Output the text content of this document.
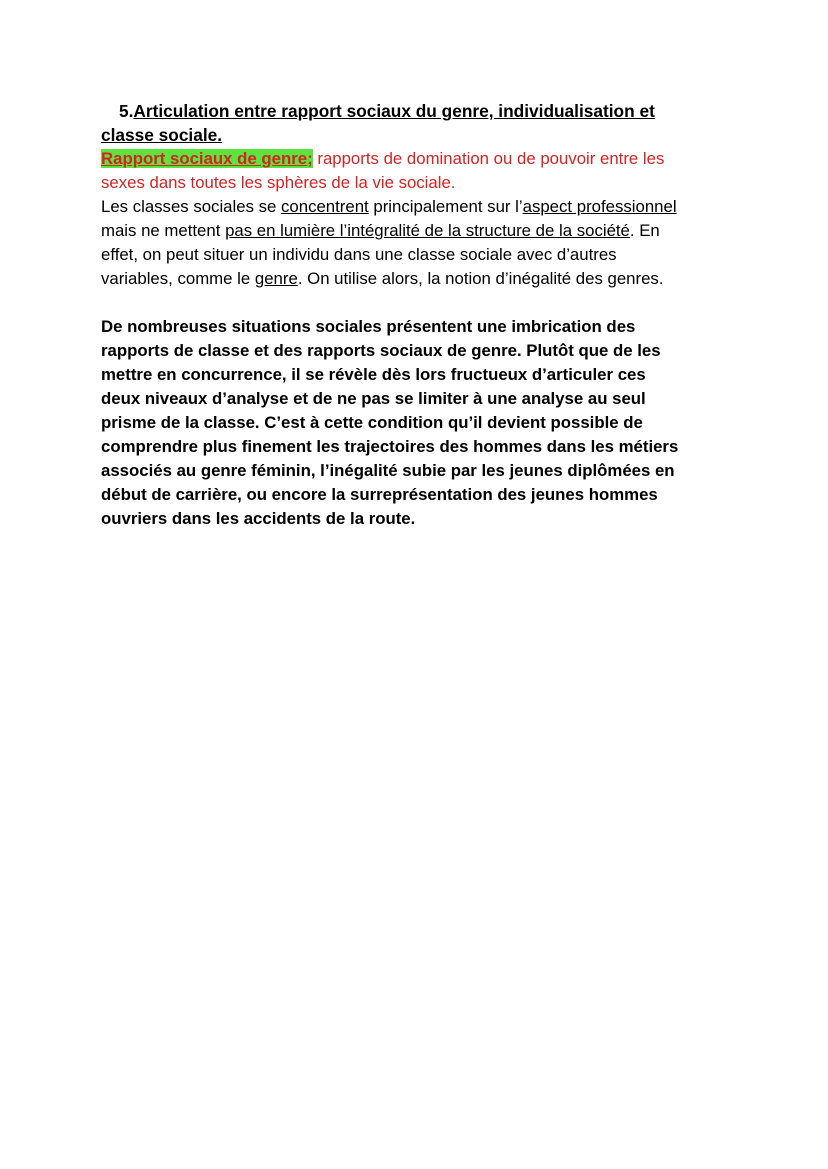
5.Articulation entre rapport sociaux du genre, individualisation et
classe sociale.
Rapport sociaux de genre; rapports de domination ou de pouvoir entre les
sexes dans toutes les sphères de la vie sociale.
Les classes sociales se concentrent principalement sur l’aspect professionnel
mais ne mettent pas en lumière l’intégralité de la structure de la société. En
effet, on peut situer un individu dans une classe sociale avec d’autres
variables, comme le genre. On utilise alors, la notion d’inégalité des genres.
De nombreuses situations sociales présentent une imbrication des
rapports de classe et des rapports sociaux de genre. Plutôt que de les
mettre en concurrence, il se révèle dès lors fructueux d’articuler ces
deux niveaux d’analyse et de ne pas se limiter à une analyse au seul
prisme de la classe. C’est à cette condition qu’il devient possible de
comprendre plus finement les trajectoires des hommes dans les métiers
associés au genre féminin, l’inégalité subie par les jeunes diplômées en
début de carrière, ou encore la surreprésentation des jeunes hommes
ouvriers dans les accidents de la route.
